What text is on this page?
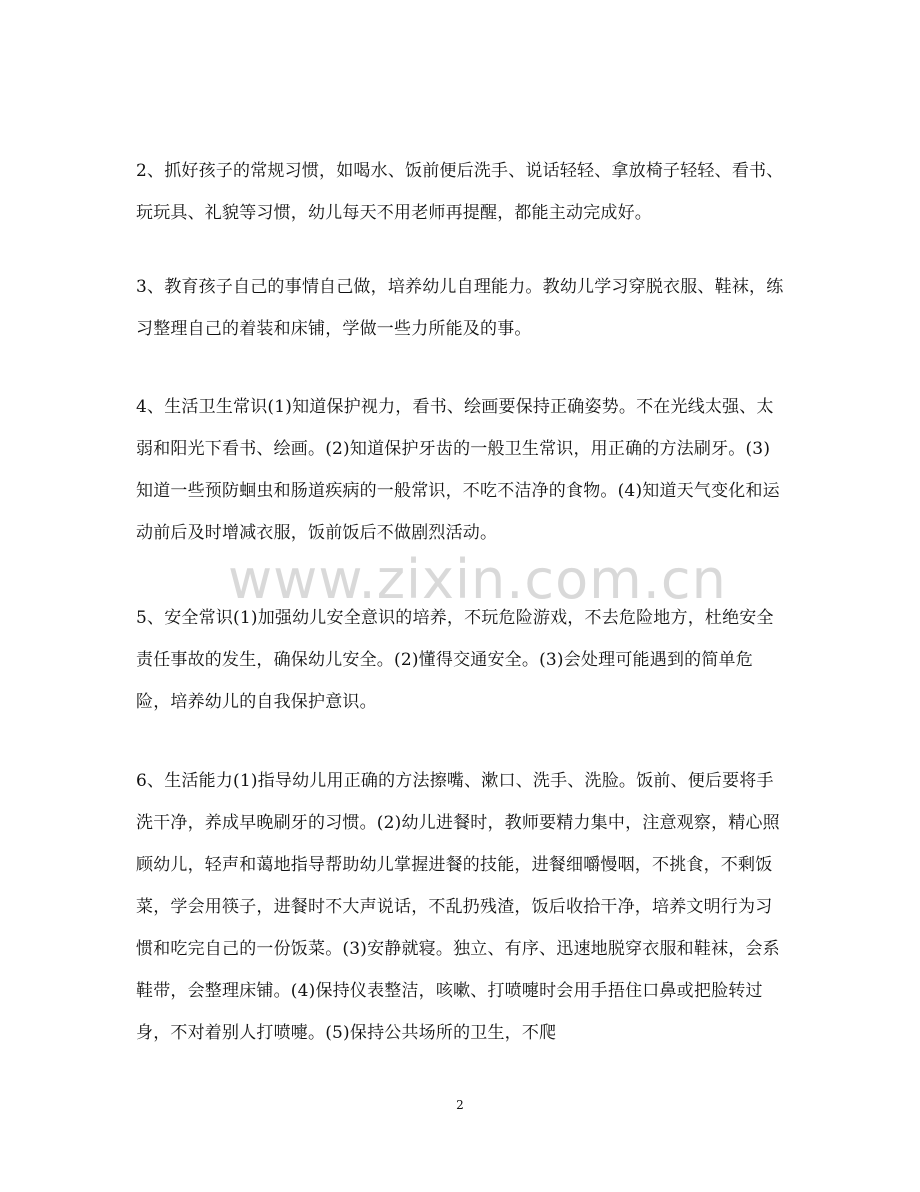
2、抓好孩子的常规习惯，如喝水、饭前便后洗手、说话轻轻、拿放椅子轻轻、看书、玩玩具、礼貌等习惯，幼儿每天不用老师再提醒，都能主动完成好。

3、教育孩子自己的事情自己做，培养幼儿自理能力。教幼儿学习穿脱衣服、鞋袜，练习整理自己的着装和床铺，学做一些力所能及的事。

4、生活卫生常识(1)知道保护视力，看书、绘画要保持正确姿势。不在光线太强、太弱和阳光下看书、绘画。(2)知道保护牙齿的一般卫生常识，用正确的方法刷牙。(3)知道一些预防蛔虫和肠道疾病的一般常识，不吃不洁净的食物。(4)知道天气变化和运动前后及时增减衣服，饭前饭后不做剧烈活动。

5、安全常识(1)加强幼儿安全意识的培养，不玩危险游戏，不去危险地方，杜绝安全责任事故的发生，确保幼儿安全。(2)懂得交通安全。(3)会处理可能遇到的简单危险，培养幼儿的自我保护意识。

6、生活能力(1)指导幼儿用正确的方法擦嘴、漱口、洗手、洗脸。饭前、便后要将手洗干净，养成早晚刷牙的习惯。(2)幼儿进餐时，教师要精力集中，注意观察，精心照顾幼儿，轻声和蔼地指导帮助幼儿掌握进餐的技能，进餐细嚼慢咽，不挑食，不剩饭菜，学会用筷子，进餐时不大声说话，不乱扔残渣，饭后收拾干净，培养文明行为习惯和吃完自己的一份饭菜。(3)安静就寝。独立、有序、迅速地脱穿衣服和鞋袜，会系鞋带，会整理床铺。(4)保持仪表整洁，咳嗽、打喷嚏时会用手捂住口鼻或把脸转过身，不对着别人打喷嚏。(5)保持公共场所的卫生，不爬

www.zixin.com.cn
2
